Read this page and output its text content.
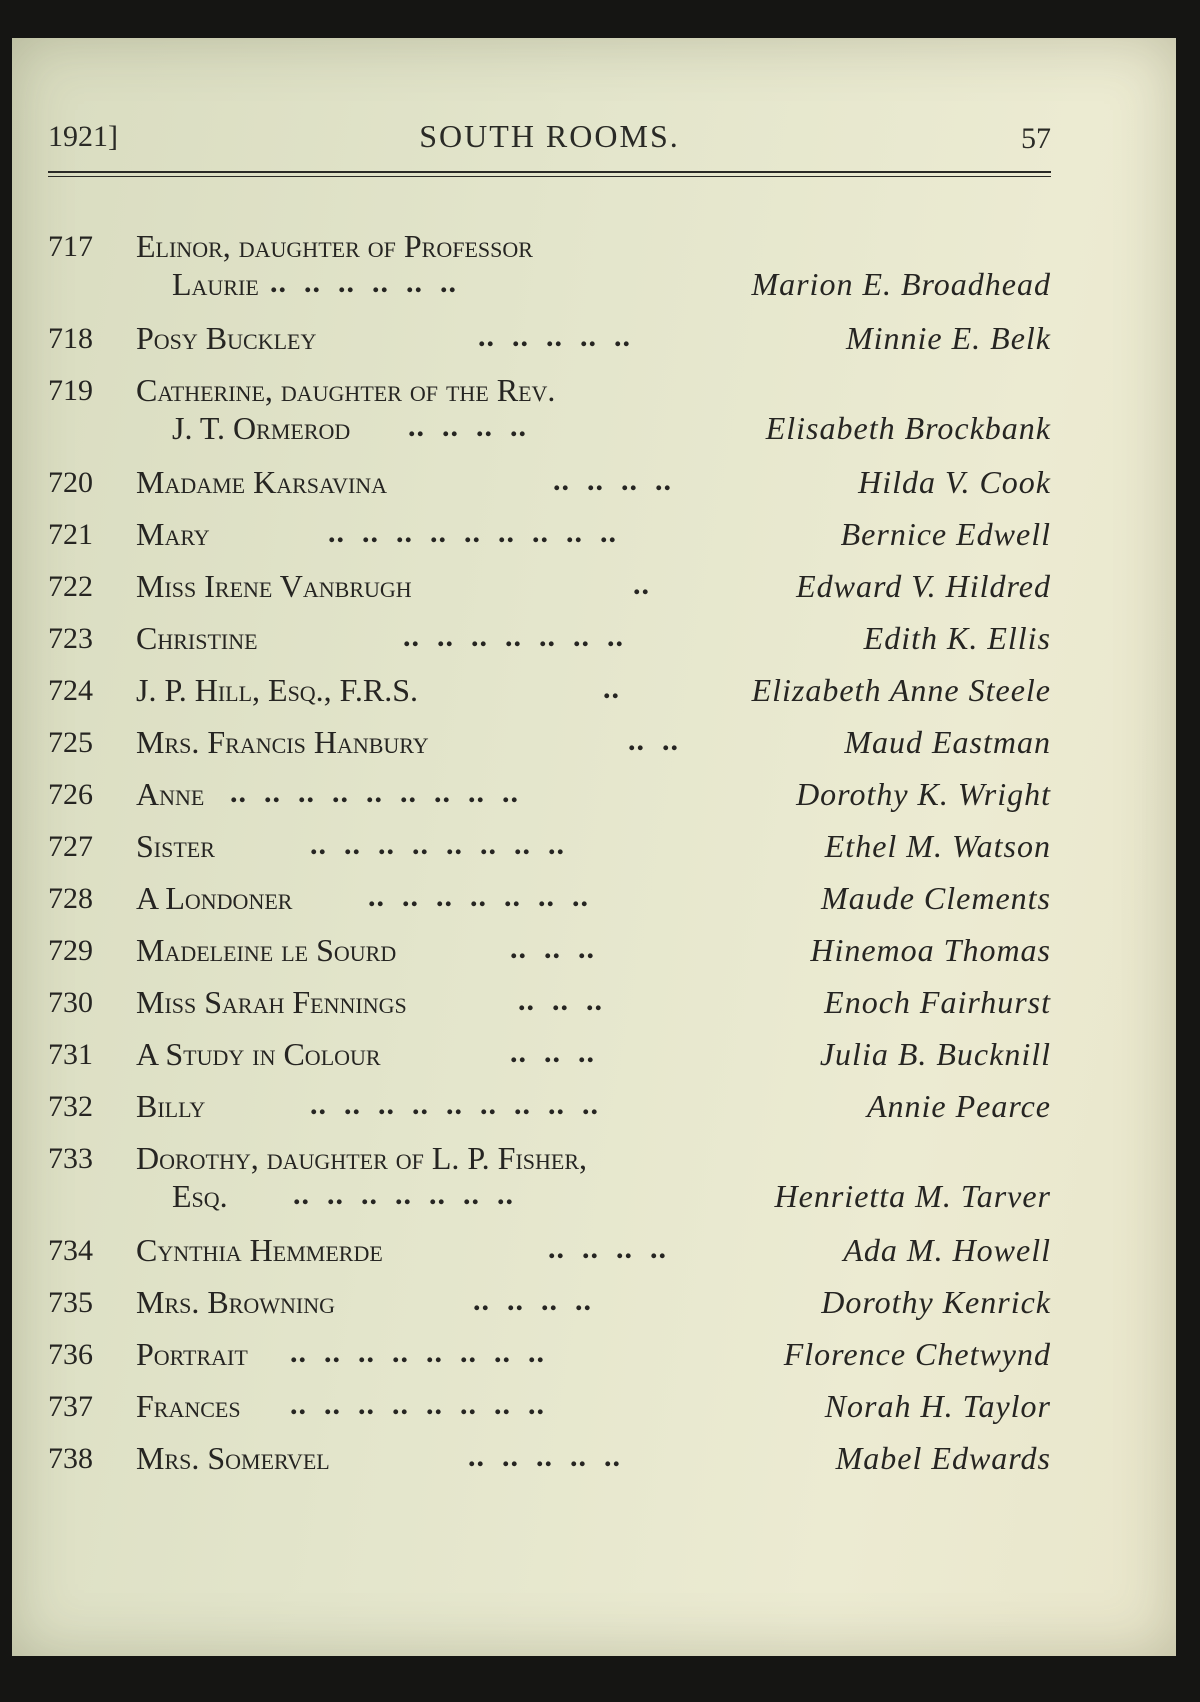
1921]	SOUTH ROOMS.	57
717 Elinor, daughter of Professor
Laurie ..  ..  ..  ..  ..  ..	Marion E. Broadhead
718 Posy Buckley	..  ..  ..  ..  ..	Minnie E. Belk
719 Catherine, daughter of the Rev.
J. T. Ormerod ..  ..  ..  ..	Elisabeth Brockbank
720 Madame Karsavina	..  ..  ..  ..	Hilda V. Cook
721 Mary	..  ..  ..  ..  ..  ..  ..  ..  ..	Bernice Edwell
722 Miss Irene Vanbrugh	..	Edward V. Hildred
723 Christine	..  ..  ..  ..  ..  ..  ..	Edith K. Ellis
724 J. P. Hill, Esq., F.R.S.	..	Elizabeth Anne Steele
725 Mrs. Francis Hanbury	..  ..	Maud Eastman
726 Anne ..  ..  ..  ..  ..  ..  ..  ..  ..	Dorothy K. Wright
727 Sister	..  ..  ..  ..  ..  ..  ..  ..	Ethel M. Watson
728 A Londoner	..  ..  ..  ..  ..  ..  ..	Maude Clements
729 Madeleine le Sourd	..  ..  ..	Hinemoa Thomas
730 Miss Sarah Fennings	..  ..  ..	Enoch Fairhurst
731 A Study in Colour	..  ..  ..	Julia B. Bucknill
732 Billy	..  ..  ..  ..  ..  ..  ..  ..  ..	Annie Pearce
733 Dorothy, daughter of L. P. Fisher,
Esq. ..  ..  ..  ..  ..  ..  ..	Henrietta M. Tarver
734 Cynthia Hemmerde	..  ..  ..  ..	Ada M. Howell
735 Mrs. Browning	..  ..  ..  ..	Dorothy Kenrick
736 Portrait ..  ..  ..  ..  ..  ..  ..  ..	Florence Chetwynd
737 Frances ..  ..  ..  ..  ..  ..  ..  ..	Norah H. Taylor
738 Mrs. Somervel	..  ..  ..  ..  ..	Mabel Edwards
